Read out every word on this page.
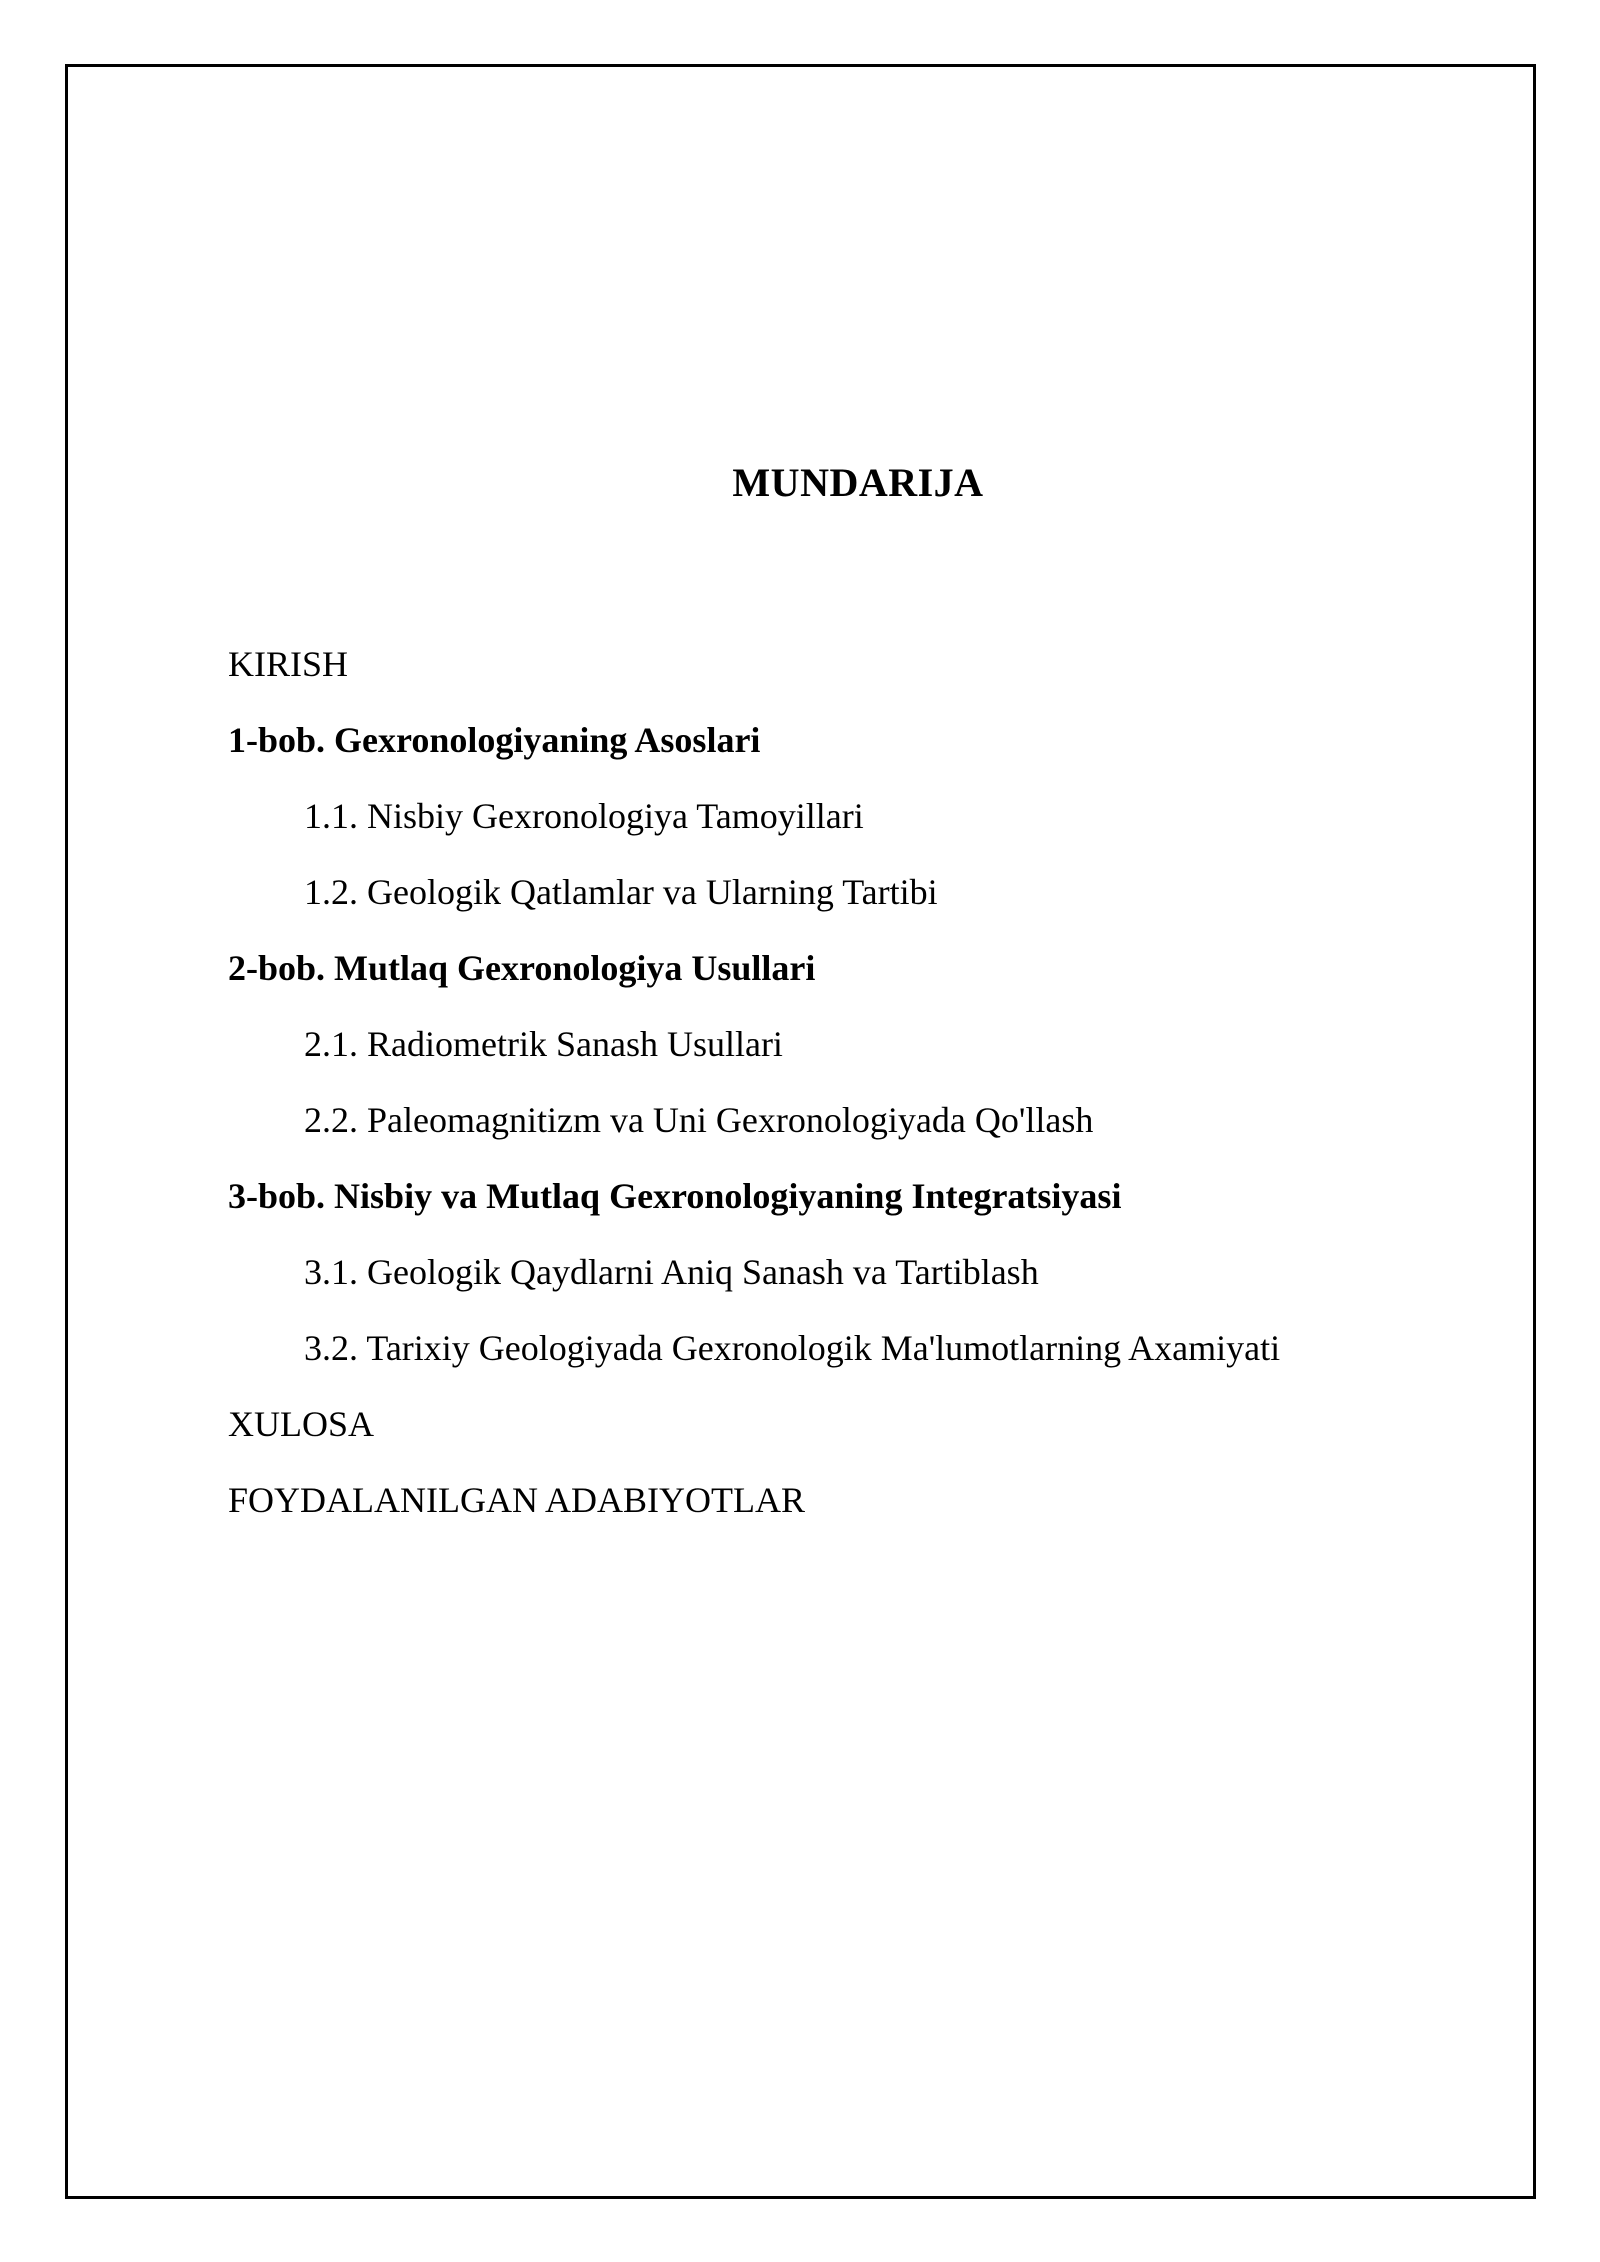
MUNDARIJA
KIRISH
1-bob. Gexronologiyaning Asoslari
1.1. Nisbiy Gexronologiya Tamoyillari
1.2. Geologik Qatlamlar va Ularning Tartibi
2-bob. Mutlaq Gexronologiya Usullari
2.1. Radiometrik Sanash Usullari
2.2. Paleomagnitizm va Uni Gexronologiyada Qo'llash
3-bob. Nisbiy va Mutlaq Gexronologiyaning Integratsiyasi
3.1. Geologik Qaydlarni Aniq Sanash va Tartiblash
3.2. Tarixiy Geologiyada Gexronologik Ma'lumotlarning Axamiyati
XULOSA
FOYDALANILGAN ADABIYOTLAR
